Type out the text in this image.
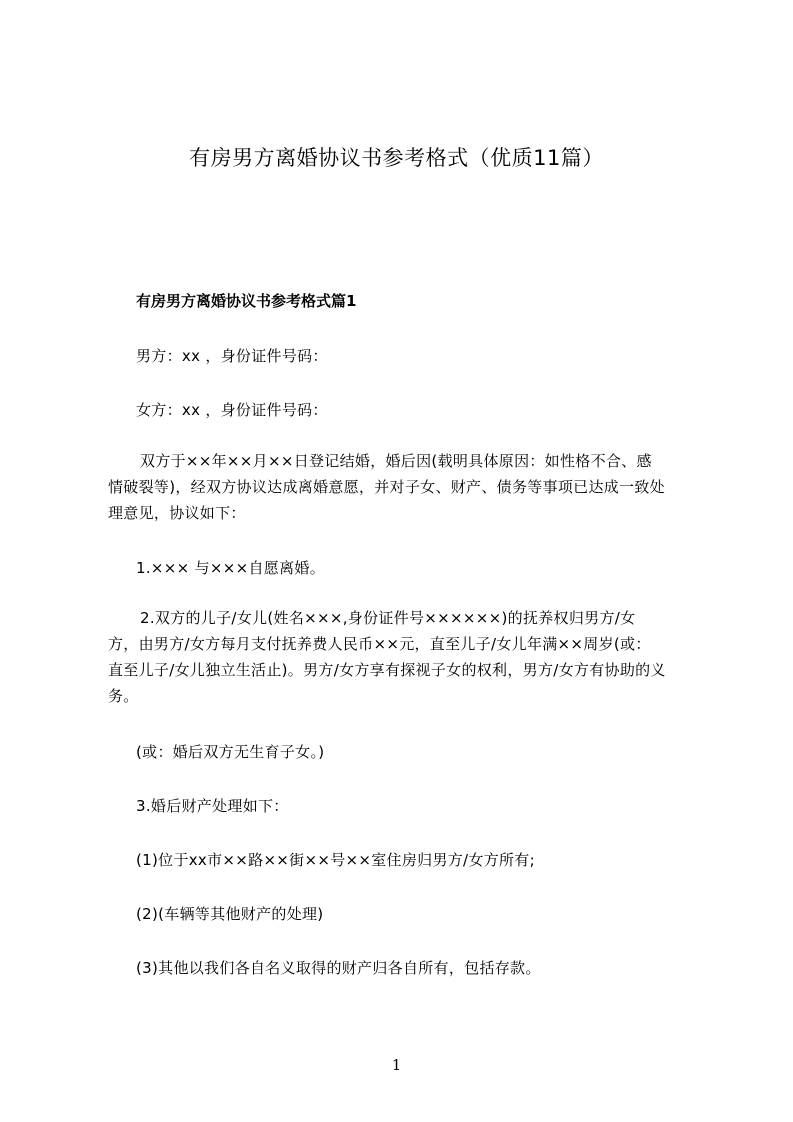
有房男方离婚协议书参考格式（优质11篇）
有房男方离婚协议书参考格式篇1
男方：xx ，身份证件号码：
女方：xx ，身份证件号码：
双方于××年××月××日登记结婚，婚后因(载明具体原因：如性格不合、感
情破裂等)，经双方协议达成离婚意愿，并对子女、财产、债务等事项已达成一致处
理意见，协议如下：
1.××× 与×××自愿离婚。
2.双方的儿子/女儿(姓名×××,身份证件号××××××)的抚养权归男方/女
方，由男方/女方每月支付抚养费人民币××元，直至儿子/女儿年满××周岁(或：
直至儿子/女儿独立生活止)。男方/女方享有探视子女的权利，男方/女方有协助的义
务。
(或：婚后双方无生育子女。)
3.婚后财产处理如下：
(1)位于xx市××路××街××号××室住房归男方/女方所有;
(2)(车辆等其他财产的处理)
(3)其他以我们各自名义取得的财产归各自所有，包括存款。
1
